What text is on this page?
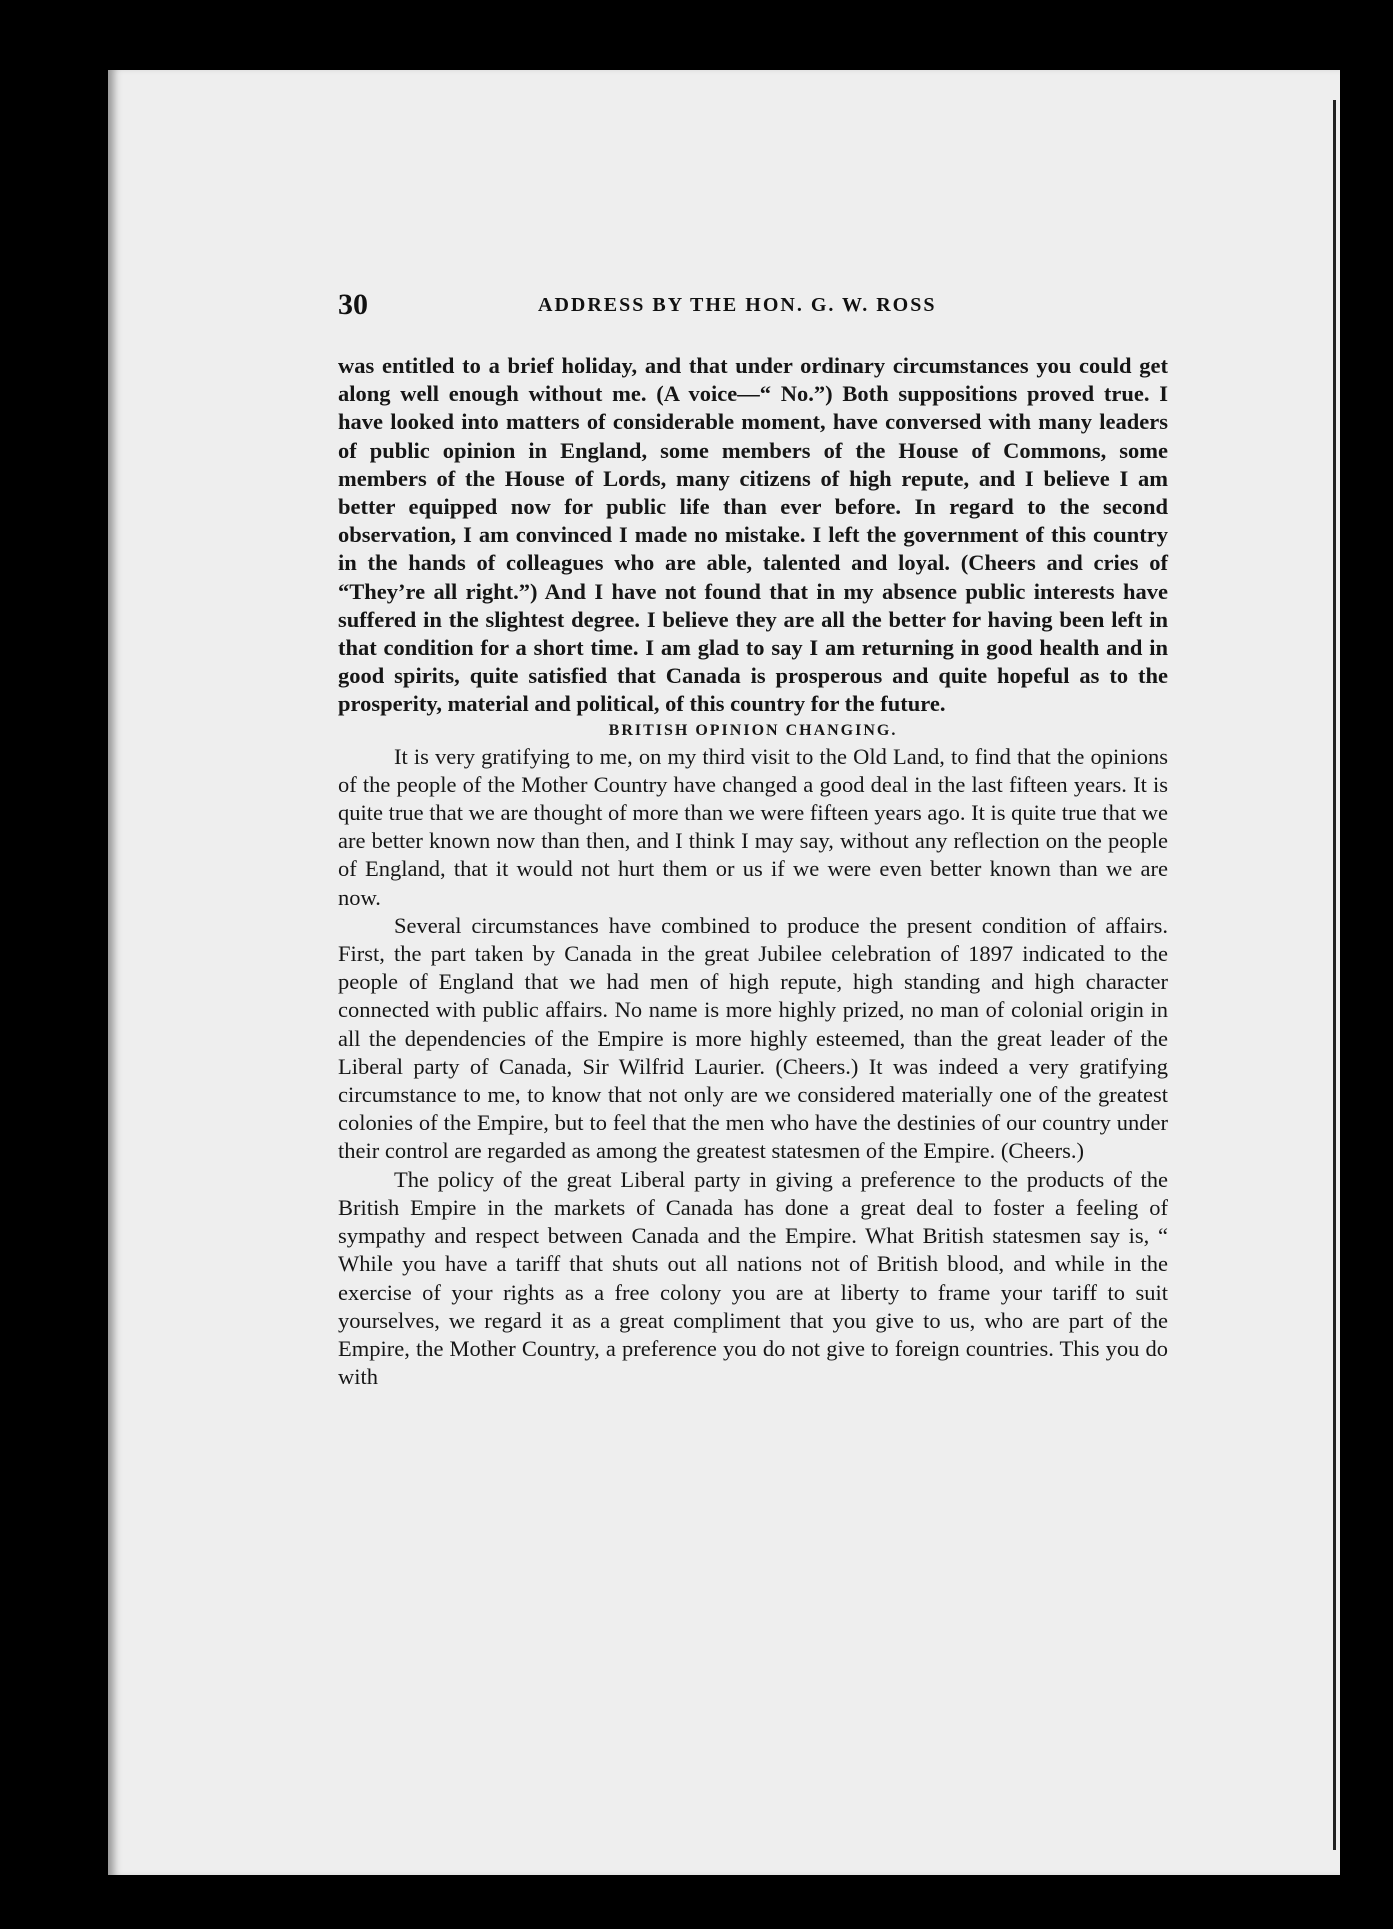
30	ADDRESS BY THE HON. G. W. ROSS

was entitled to a brief holiday, and that under ordinary circumstances you could get along well enough without me. (A voice—“ No.”) Both suppositions proved true. I have looked into matters of considerable moment, have conversed with many leaders of public opinion in England, some members of the House of Commons, some members of the House of Lords, many citizens of high repute, and I believe I am better equipped now for public life than ever before. In regard to the second observation, I am convinced I made no mistake. I left the government of this country in the hands of colleagues who are able, talented and loyal. (Cheers and cries of “They’re all right.”) And I have not found that in my absence public interests have suffered in the slightest degree. I believe they are all the better for having been left in that condition for a short time. I am glad to say I am returning in good health and in good spirits, quite satisfied that Canada is prosperous and quite hopeful as to the prosperity, material and political, of this country for the future.

BRITISH OPINION CHANGING.

It is very gratifying to me, on my third visit to the Old Land, to find that the opinions of the people of the Mother Country have changed a good deal in the last fifteen years. It is quite true that we are thought of more than we were fifteen years ago. It is quite true that we are better known now than then, and I think I may say, without any reflection on the people of England, that it would not hurt them or us if we were even better known than we are now.

Several circumstances have combined to produce the present condition of affairs. First, the part taken by Canada in the great Jubilee celebration of 1897 indicated to the people of England that we had men of high repute, high standing and high character connected with public affairs. No name is more highly prized, no man of colonial origin in all the dependencies of the Empire is more highly esteemed, than the great leader of the Liberal party of Canada, Sir Wilfrid Laurier. (Cheers.) It was indeed a very gratifying circumstance to me, to know that not only are we considered materially one of the greatest colonies of the Empire, but to feel that the men who have the destinies of our country under their control are regarded as among the greatest statesmen of the Empire. (Cheers.)

The policy of the great Liberal party in giving a preference to the products of the British Empire in the markets of Canada has done a great deal to foster a feeling of sympathy and respect between Canada and the Empire. What British statesmen say is, “ While you have a tariff that shuts out all nations not of British blood, and while in the exercise of your rights as a free colony you are at liberty to frame your tariff to suit yourselves, we regard it as a great compliment that you give to us, who are part of the Empire, the Mother Country, a preference you do not give to foreign countries. This you do with
